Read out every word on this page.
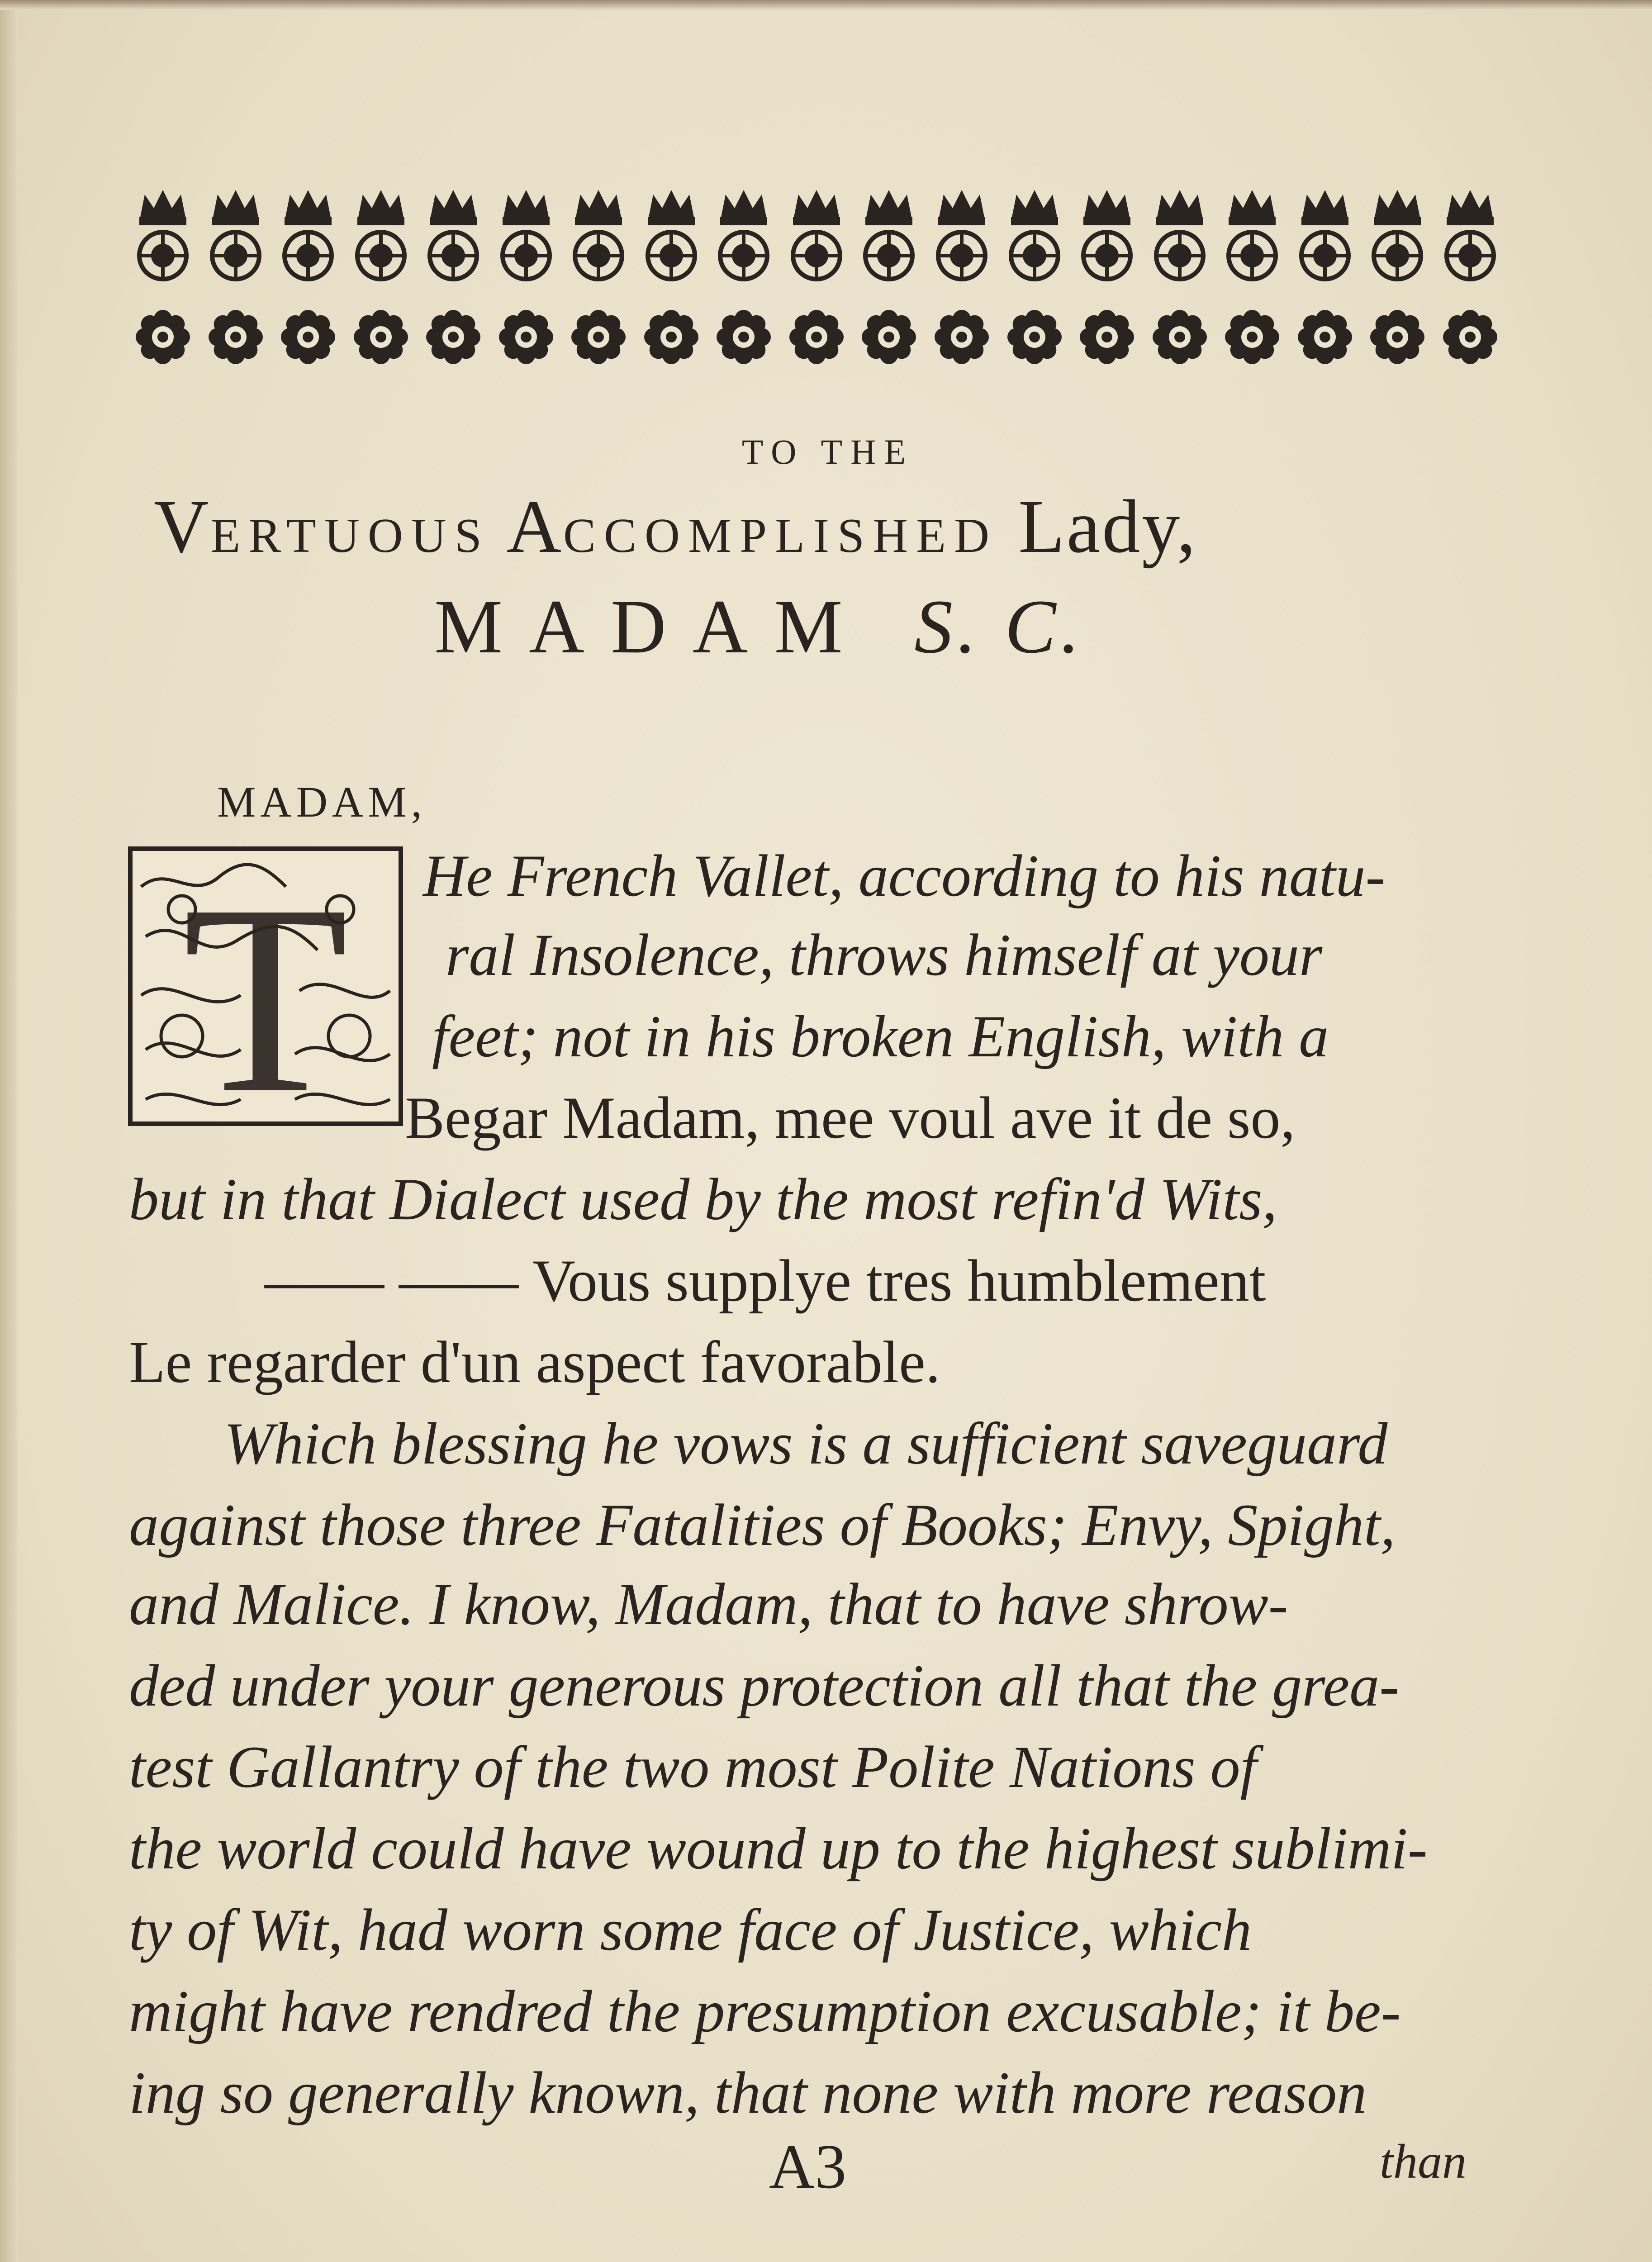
TO THE

VERTUOUS ACCOMPLISHED Lady,

MADAM S. C.

MADAM,

T He French Vallet, according to his natu-

ral Insolence, throws himself at your

feet; not in his broken English, with a

Begar Madam, mee voul ave it de so,

but in that Dialect used by the most refin'd Wits,

—— —— Vous supplye tres humblement

Le regarder d'un aspect favorable.

Which blessing he vows is a sufficient saveguard

against those three Fatalities of Books; Envy, Spight,

and Malice. I know, Madam, that to have shrow-

ded under your generous protection all that the grea-

test Gallantry of the two most Polite Nations of

the world could have wound up to the highest sublimi-

ty of Wit, had worn some face of Justice, which

might have rendred the presumption excusable; it be-

ing so generally known, that none with more reason

A3	than
